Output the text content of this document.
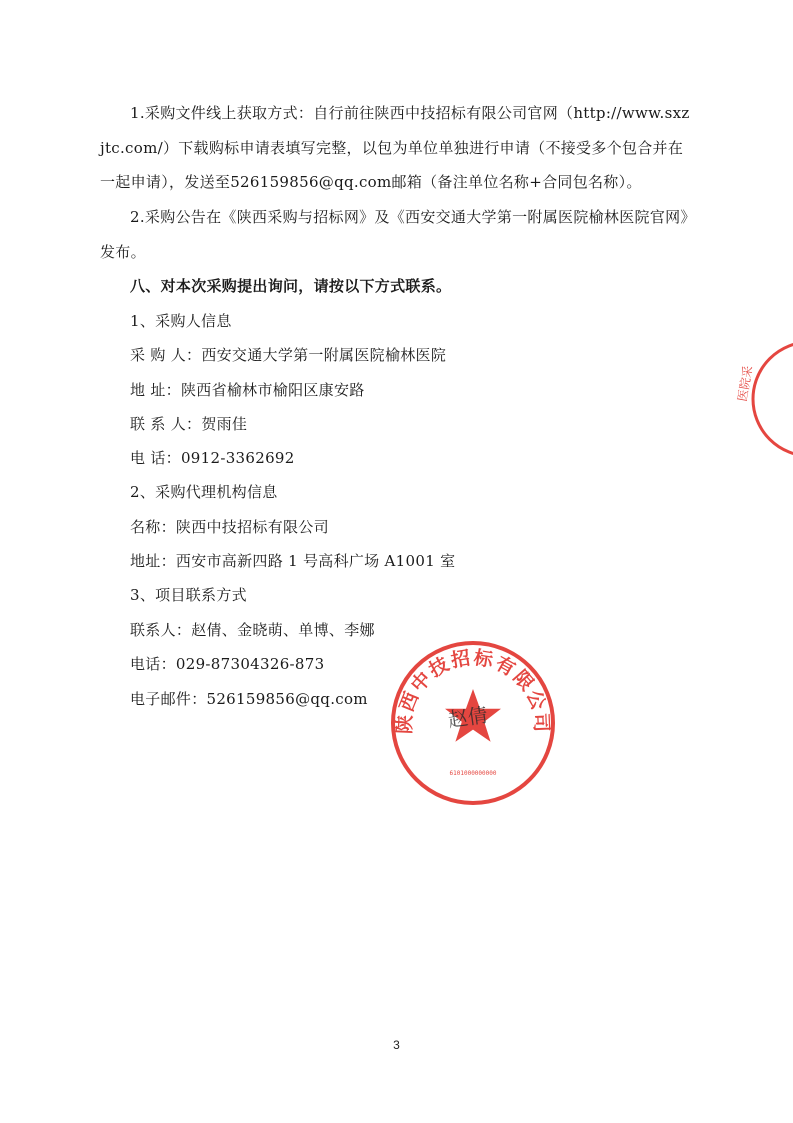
1.采购文件线上获取方式：自行前往陕西中技招标有限公司官网（http://www.sxz
jtc.com/）下载购标申请表填写完整，以包为单位单独进行申请（不接受多个包合并在
一起申请），发送至526159856@qq.com邮箱（备注单位名称+合同包名称）。
2.采购公告在《陕西采购与招标网》及《西安交通大学第一附属医院榆林医院官网》
发布。
八、对本次采购提出询问，请按以下方式联系。
1、采购人信息
采 购 人：西安交通大学第一附属医院榆林医院
地 址：陕西省榆林市榆阳区康安路
联 系 人：贺雨佳
电 话：0912-3362692
2、采购代理机构信息
名称：陕西中技招标有限公司
地址：西安市高新四路 1 号高科广场 A1001 室
3、项目联系方式
联系人：赵倩、金晓萌、单博、李娜
电话：029-87304326-873
电子邮件：526159856@qq.com
3
陕西中技招标有限公司
6101000000000
赵倩
医院采
